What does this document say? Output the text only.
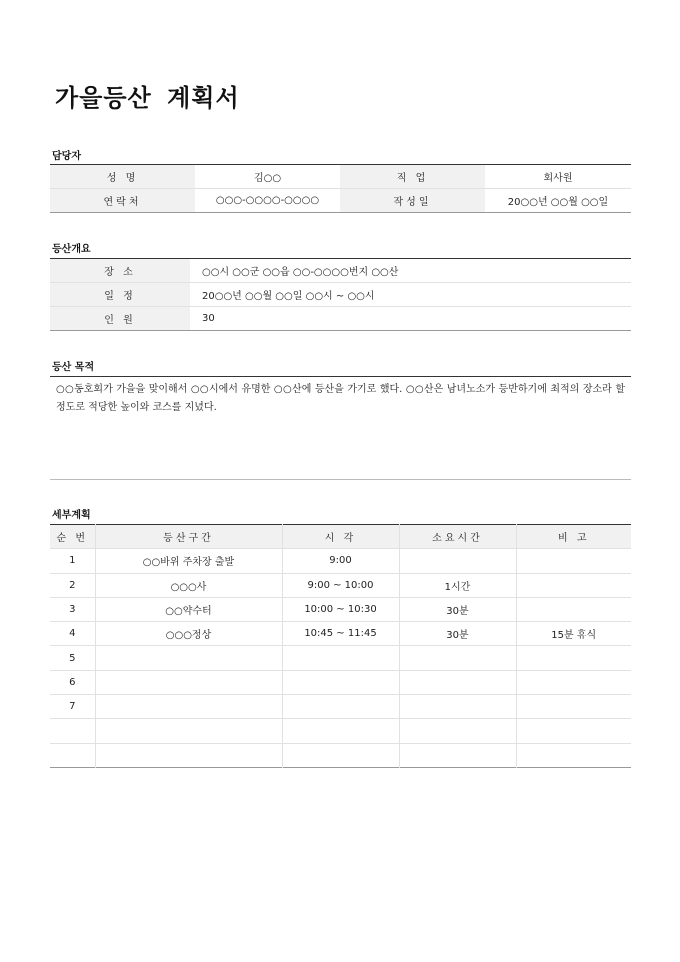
가을등산 계획서

담당자

성 명	김○○	직 업	회사원
연락처	○○○-○○○○-○○○○	작성일	20○○년 ○○월 ○○일

등산개요

장 소	○○시 ○○군 ○○읍 ○○-○○○○번지 ○○산
일 정	20○○년 ○○월 ○○일 ○○시 ~ ○○시
인 원	30

등산 목적

○○동호회가 가을을 맞이해서 ○○시에서 유명한 ○○산에 등산을 가기로 했다. ○○산은 남녀노소가 등반하기에 최적의 장소라 할 정도로 적당한 높이와 코스를 지녔다.

세부계획

순 번	등산구간	시 각	소요시간	비 고
1	○○바위 주차장 출발	9:00		
2	○○○사	9:00 ~ 10:00	1시간	
3	○○약수터	10:00 ~ 10:30	30분	
4	○○○정상	10:45 ~ 11:45	30분	15분 휴식
5				
6				
7				
